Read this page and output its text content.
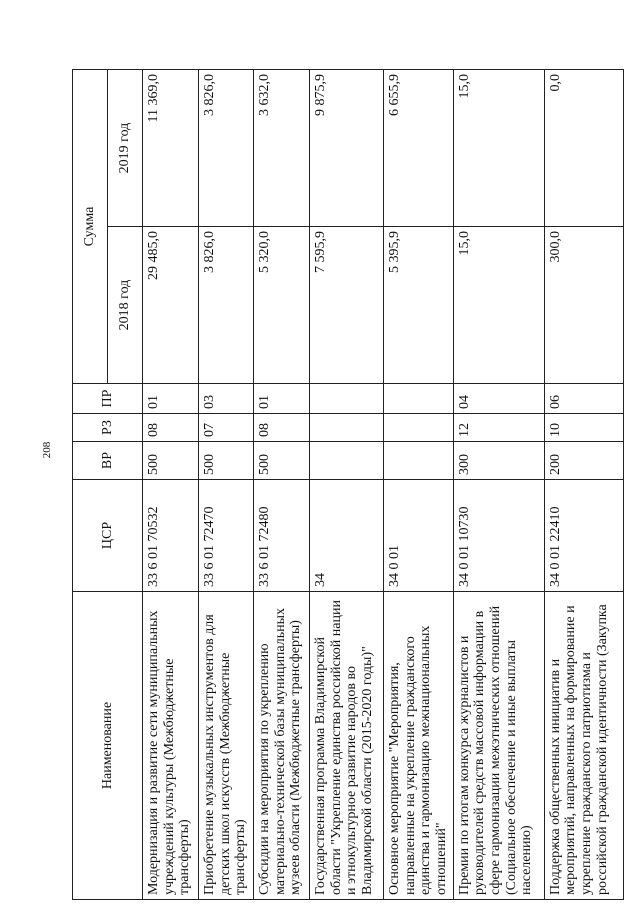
208
Наименование	ЦСР	ВР	РЗ	ПР	Сумма	
					2018 год	2019 год
Модернизация и развитие сети муниципальных учреждений культуры (Межбюджетные трансферты)	33 6 01 70532	500	08	01	29 485,0	11 369,0
Приобретение музыкальных инструментов для детских школ искусств (Межбюджетные трансферты)	33 6 01 72470	500	07	03	3 826,0	3 826,0
Субсидии на мероприятия по укреплению материально-технической базы муниципальных музеев области (Межбюджетные трансферты)	33 6 01 72480	500	08	01	5 320,0	3 632,0
Государственная программа Владимирской области "Укрепление единства российской нации и этнокультурное развитие народов во Владимирской области (2015-2020 годы)"	34				7 595,9	9 875,9
Основное мероприятие "Мероприятия, направленные на укрепление гражданского единства и гармонизацию межнациональных отношений"	34 0 01				5 395,9	6 655,9
Премии по итогам конкурса журналистов и руководителей средств массовой информации в сфере гармонизации межэтнических отношений (Социальное обеспечение и иные выплаты населению)	34 0 01 10730	300	12	04	15,0	15,0
Поддержка общественных инициатив и мероприятий, направленных на формирование и укрепление гражданского патриотизма и российской гражданской идентичности (Закупка	34 0 01 22410	200	10	06	300,0	0,0
